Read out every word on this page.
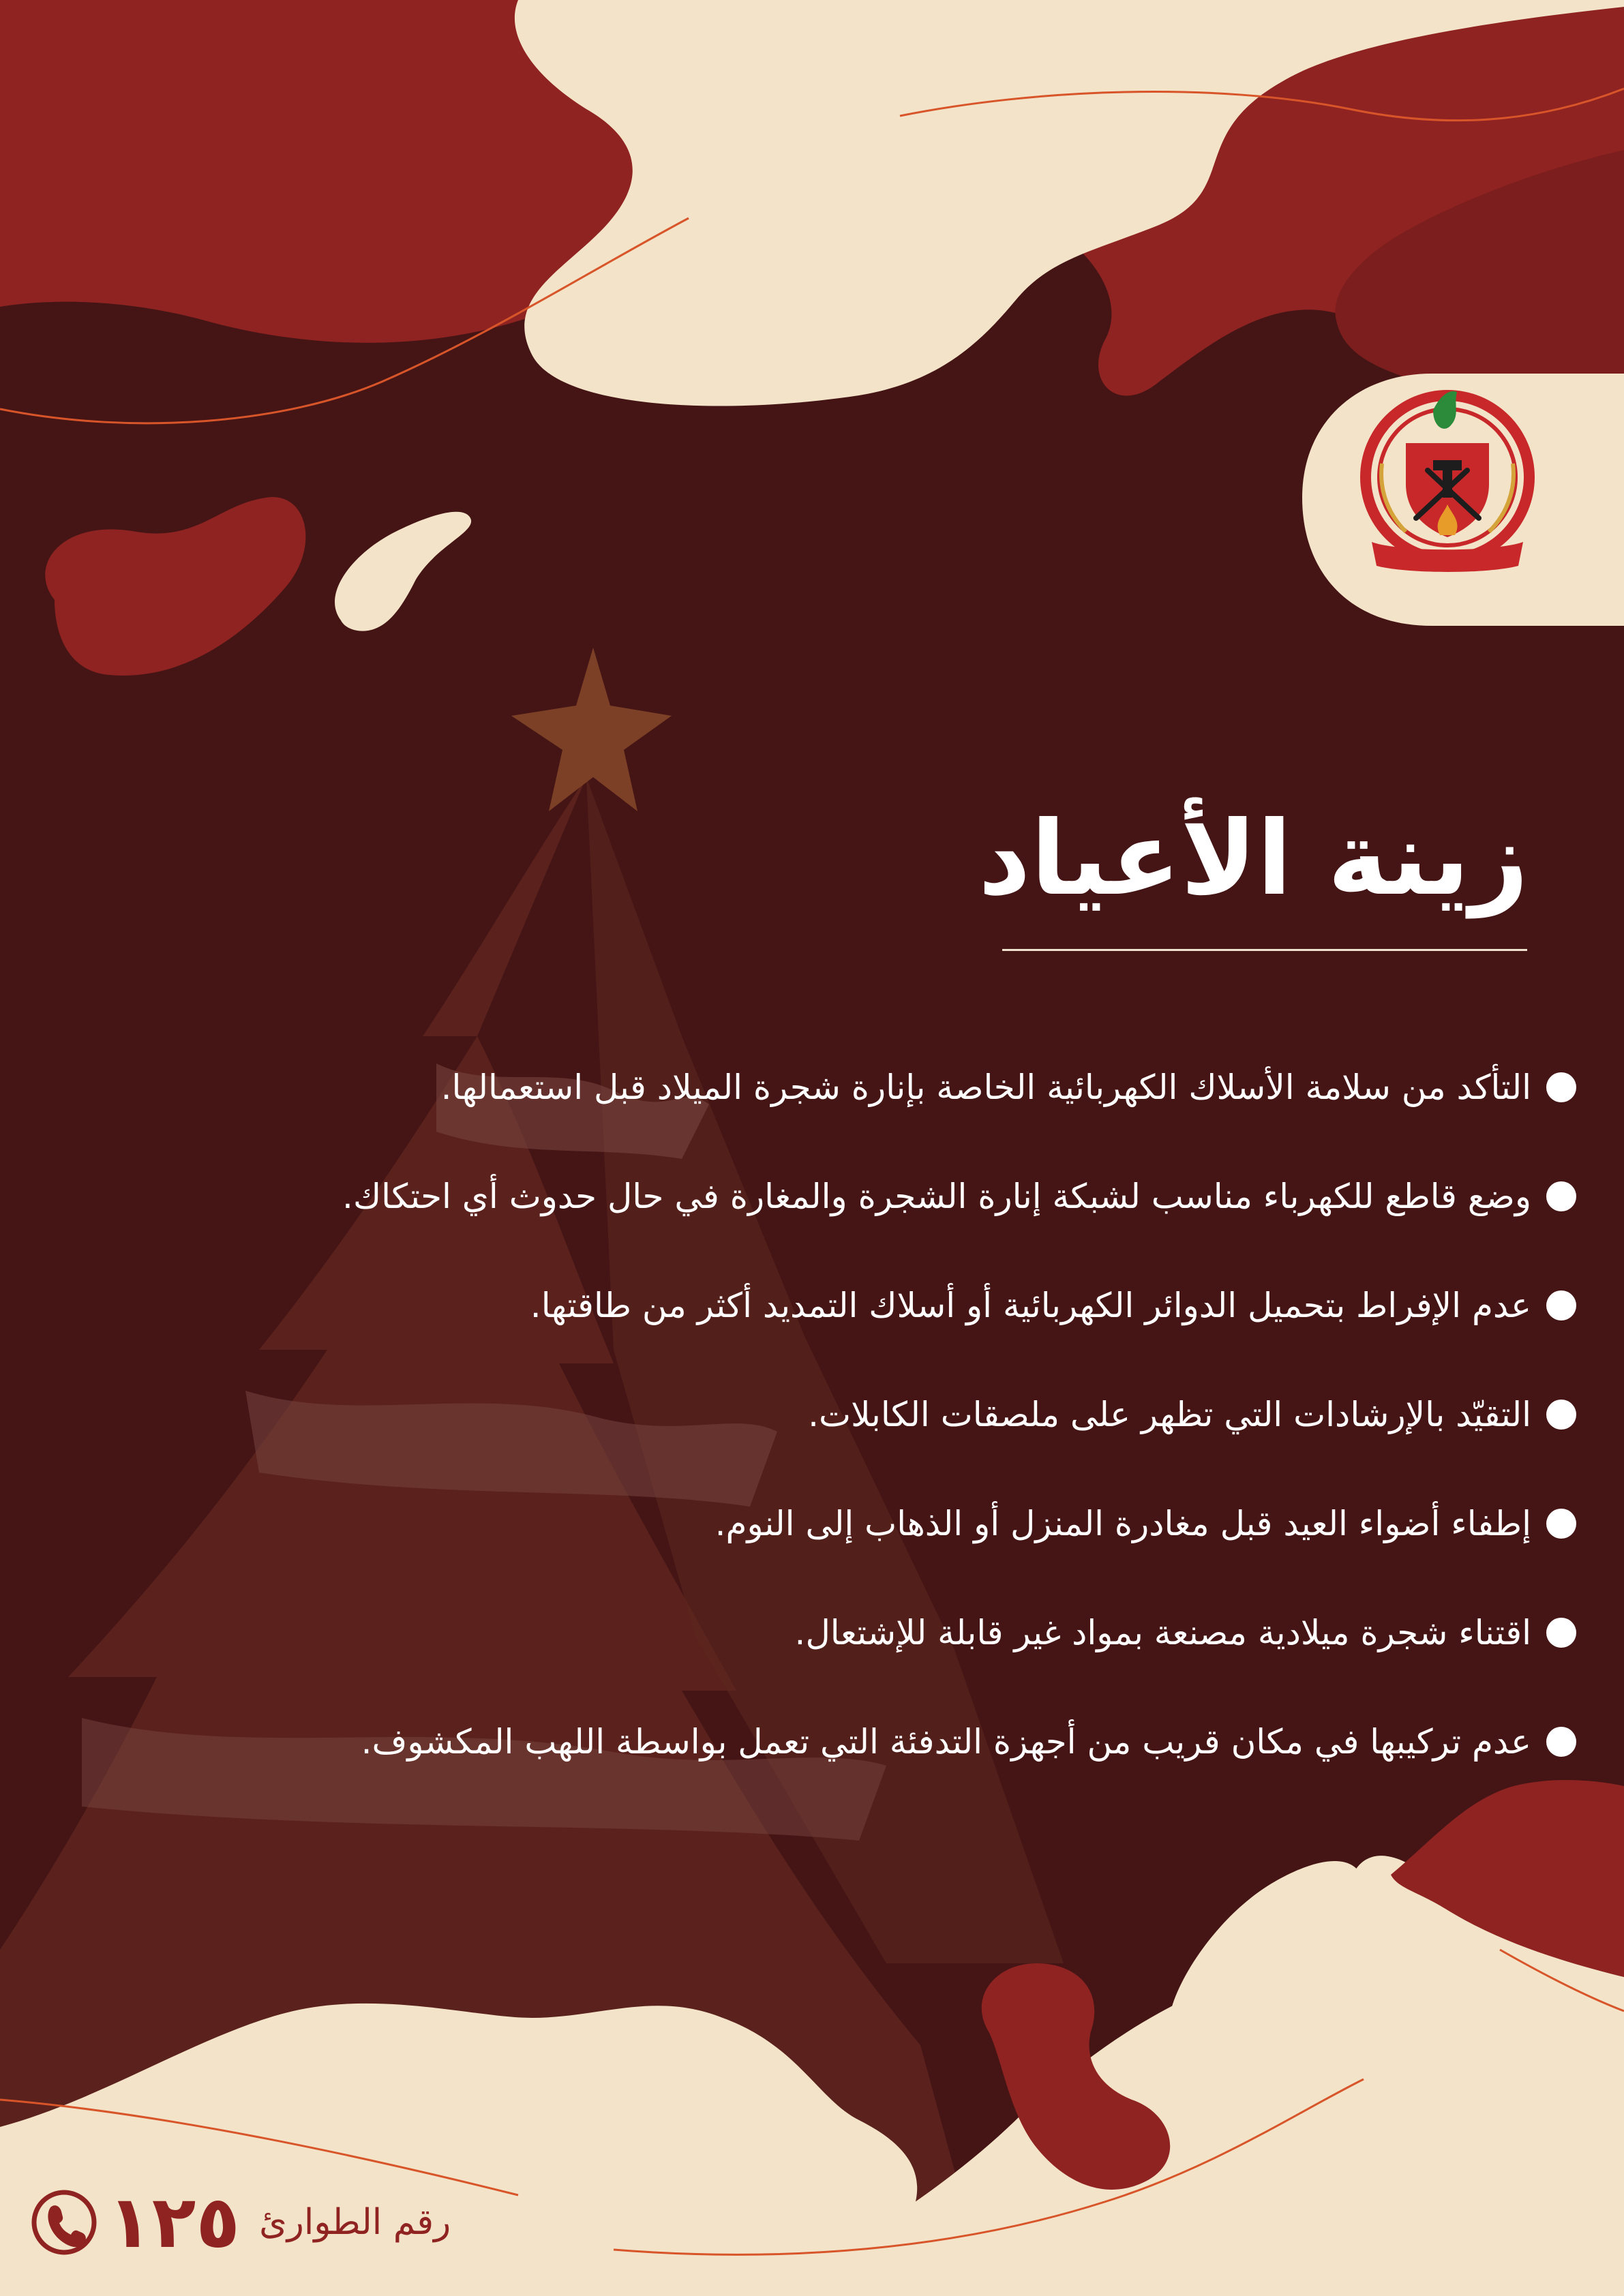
زينة الأعياد
التأكد من سلامة الأسلاك الكهربائية الخاصة بإنارة شجرة الميلاد قبل استعمالها.
وضع قاطع للكهرباء مناسب لشبكة إنارة الشجرة والمغارة في حال حدوث أي احتكاك.
عدم الإفراط بتحميل الدوائر الكهربائية أو أسلاك التمديد أكثر من طاقتها.
التقيّد بالإرشادات التي تظهر على ملصقات الكابلات.
إطفاء أضواء العيد قبل مغادرة المنزل أو الذهاب إلى النوم.
اقتناء شجرة ميلادية مصنعة بمواد غير قابلة للإشتعال.
عدم تركيبها في مكان قريب من أجهزة التدفئة التي تعمل بواسطة اللهب المكشوف.
١٢٥ رقم الطوارئ
